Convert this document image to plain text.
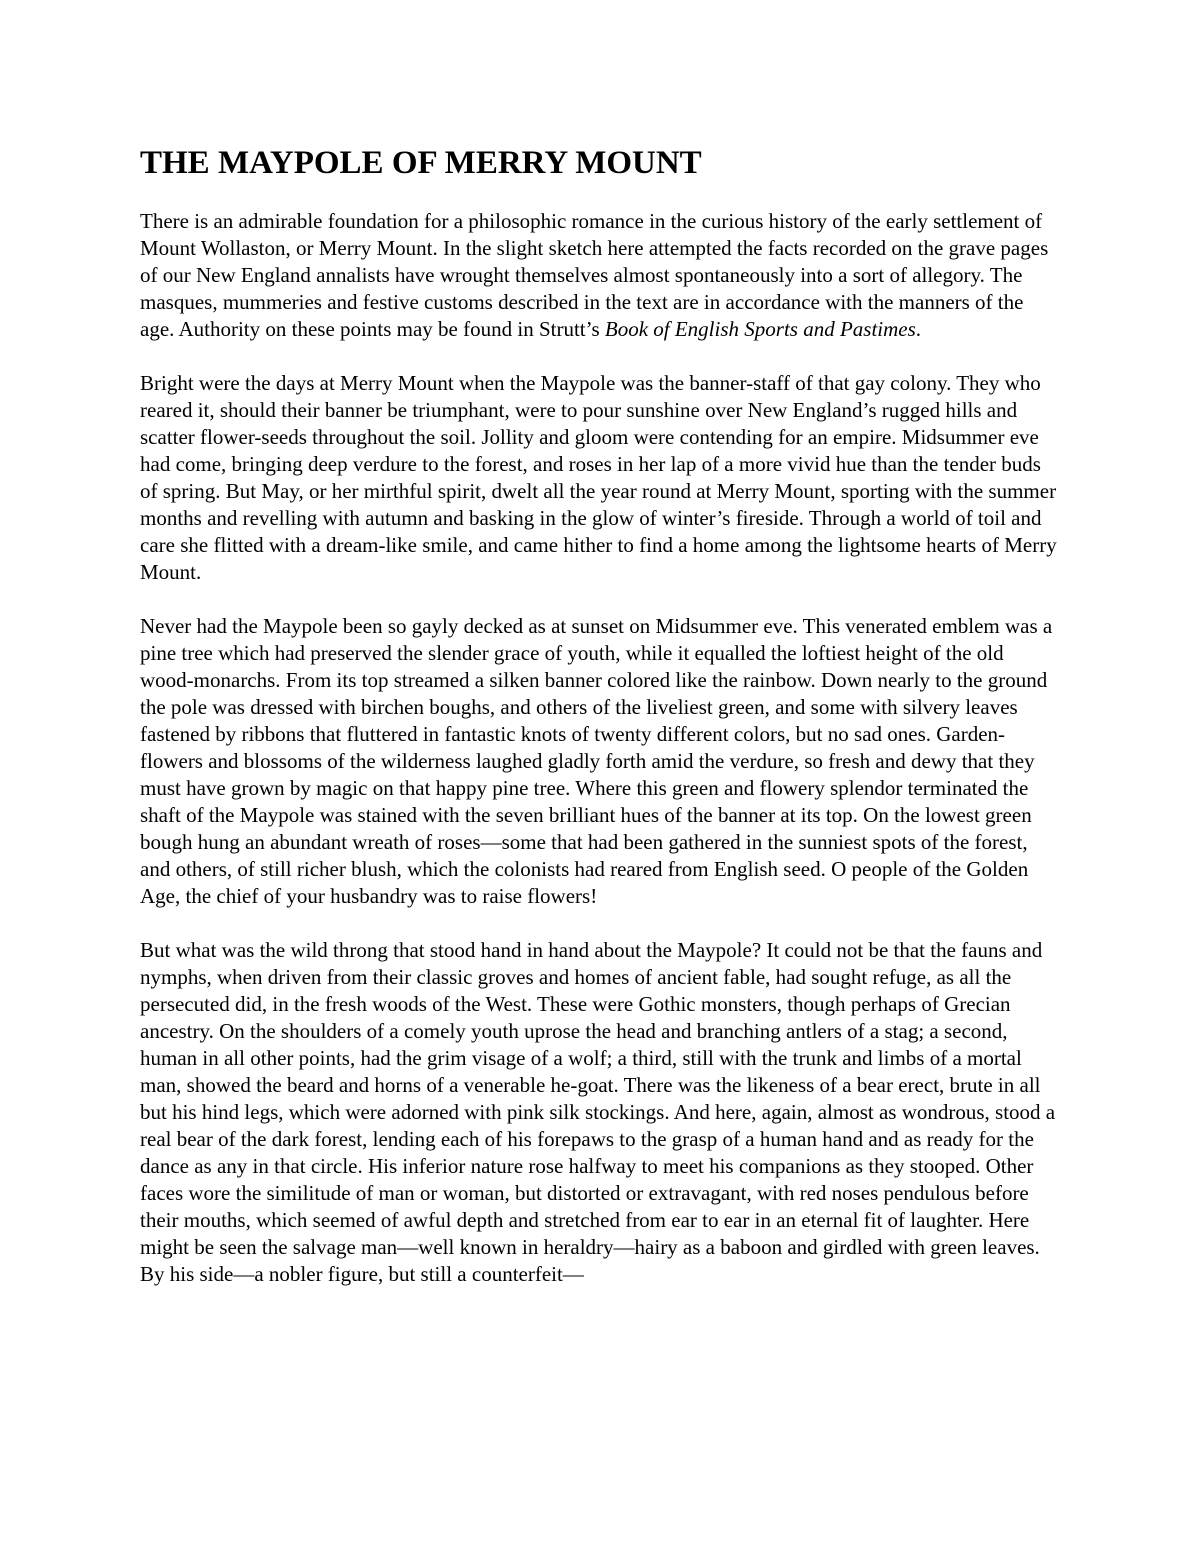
THE MAYPOLE OF MERRY MOUNT

There is an admirable foundation for a philosophic romance in the curious history of the early settlement of Mount Wollaston, or Merry Mount. In the slight sketch here attempted the facts recorded on the grave pages of our New England annalists have wrought themselves almost spontaneously into a sort of allegory. The masques, mummeries and festive customs described in the text are in accordance with the manners of the age. Authority on these points may be found in Strutt’s Book of English Sports and Pastimes.

Bright were the days at Merry Mount when the Maypole was the banner-staff of that gay colony. They who reared it, should their banner be triumphant, were to pour sunshine over New England’s rugged hills and scatter flower-seeds throughout the soil. Jollity and gloom were contending for an empire. Midsummer eve had come, bringing deep verdure to the forest, and roses in her lap of a more vivid hue than the tender buds of spring. But May, or her mirthful spirit, dwelt all the year round at Merry Mount, sporting with the summer months and revelling with autumn and basking in the glow of winter’s fireside. Through a world of toil and care she flitted with a dream-like smile, and came hither to find a home among the lightsome hearts of Merry Mount.

Never had the Maypole been so gayly decked as at sunset on Midsummer eve. This venerated emblem was a pine tree which had preserved the slender grace of youth, while it equalled the loftiest height of the old wood-monarchs. From its top streamed a silken banner colored like the rainbow. Down nearly to the ground the pole was dressed with birchen boughs, and others of the liveliest green, and some with silvery leaves fastened by ribbons that fluttered in fantastic knots of twenty different colors, but no sad ones. Garden-flowers and blossoms of the wilderness laughed gladly forth amid the verdure, so fresh and dewy that they must have grown by magic on that happy pine tree. Where this green and flowery splendor terminated the shaft of the Maypole was stained with the seven brilliant hues of the banner at its top. On the lowest green bough hung an abundant wreath of roses—some that had been gathered in the sunniest spots of the forest, and others, of still richer blush, which the colonists had reared from English seed. O people of the Golden Age, the chief of your husbandry was to raise flowers!

But what was the wild throng that stood hand in hand about the Maypole? It could not be that the fauns and nymphs, when driven from their classic groves and homes of ancient fable, had sought refuge, as all the persecuted did, in the fresh woods of the West. These were Gothic monsters, though perhaps of Grecian ancestry. On the shoulders of a comely youth uprose the head and branching antlers of a stag; a second, human in all other points, had the grim visage of a wolf; a third, still with the trunk and limbs of a mortal man, showed the beard and horns of a venerable he-goat. There was the likeness of a bear erect, brute in all but his hind legs, which were adorned with pink silk stockings. And here, again, almost as wondrous, stood a real bear of the dark forest, lending each of his forepaws to the grasp of a human hand and as ready for the dance as any in that circle. His inferior nature rose halfway to meet his companions as they stooped. Other faces wore the similitude of man or woman, but distorted or extravagant, with red noses pendulous before their mouths, which seemed of awful depth and stretched from ear to ear in an eternal fit of laughter. Here might be seen the salvage man—well known in heraldry—hairy as a baboon and girdled with green leaves. By his side—a nobler figure, but still a counterfeit—
